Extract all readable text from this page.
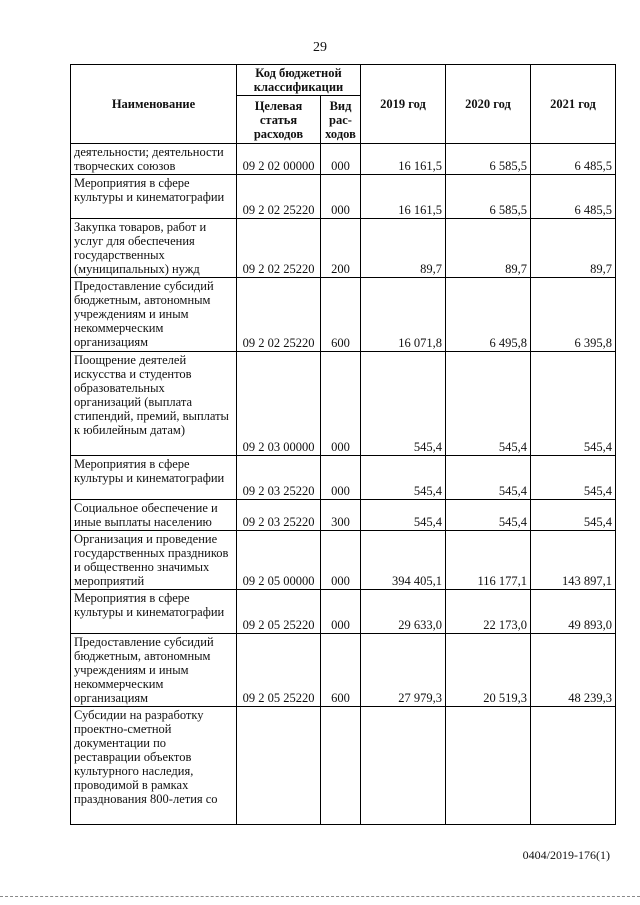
29
Наименование	Код бюджетной классификации		2019 год	2020 год	2021 год
	Целевая статья расходов	Вид рас-ходов			
деятельности; деятельности творческих союзов	09 2 02 00000	000	16 161,5	6 585,5	6 485,5
Мероприятия в сфере культуры и кинематографии	09 2 02 25220	000	16 161,5	6 585,5	6 485,5
Закупка товаров, работ и услуг для обеспечения государственных (муниципальных) нужд	09 2 02 25220	200	89,7	89,7	89,7
Предоставление субсидий бюджетным, автономным учреждениям и иным некоммерческим организациям	09 2 02 25220	600	16 071,8	6 495,8	6 395,8
Поощрение деятелей искусства и студентов образовательных организаций (выплата стипендий, премий, выплаты к юбилейным датам)	09 2 03 00000	000	545,4	545,4	545,4
Мероприятия в сфере культуры и кинематографии	09 2 03 25220	000	545,4	545,4	545,4
Социальное обеспечение и иные выплаты населению	09 2 03 25220	300	545,4	545,4	545,4
Организация и проведение государственных праздников и общественно значимых мероприятий	09 2 05 00000	000	394 405,1	116 177,1	143 897,1
Мероприятия в сфере культуры и кинематографии	09 2 05 25220	000	29 633,0	22 173,0	49 893,0
Предоставление субсидий бюджетным, автономным учреждениям и иным некоммерческим организациям	09 2 05 25220	600	27 979,3	20 519,3	48 239,3
Субсидии на разработку проектно-сметной документации по реставрации объектов культурного наследия, проводимой в рамках празднования 800-летия со					
0404/2019-176(1)
